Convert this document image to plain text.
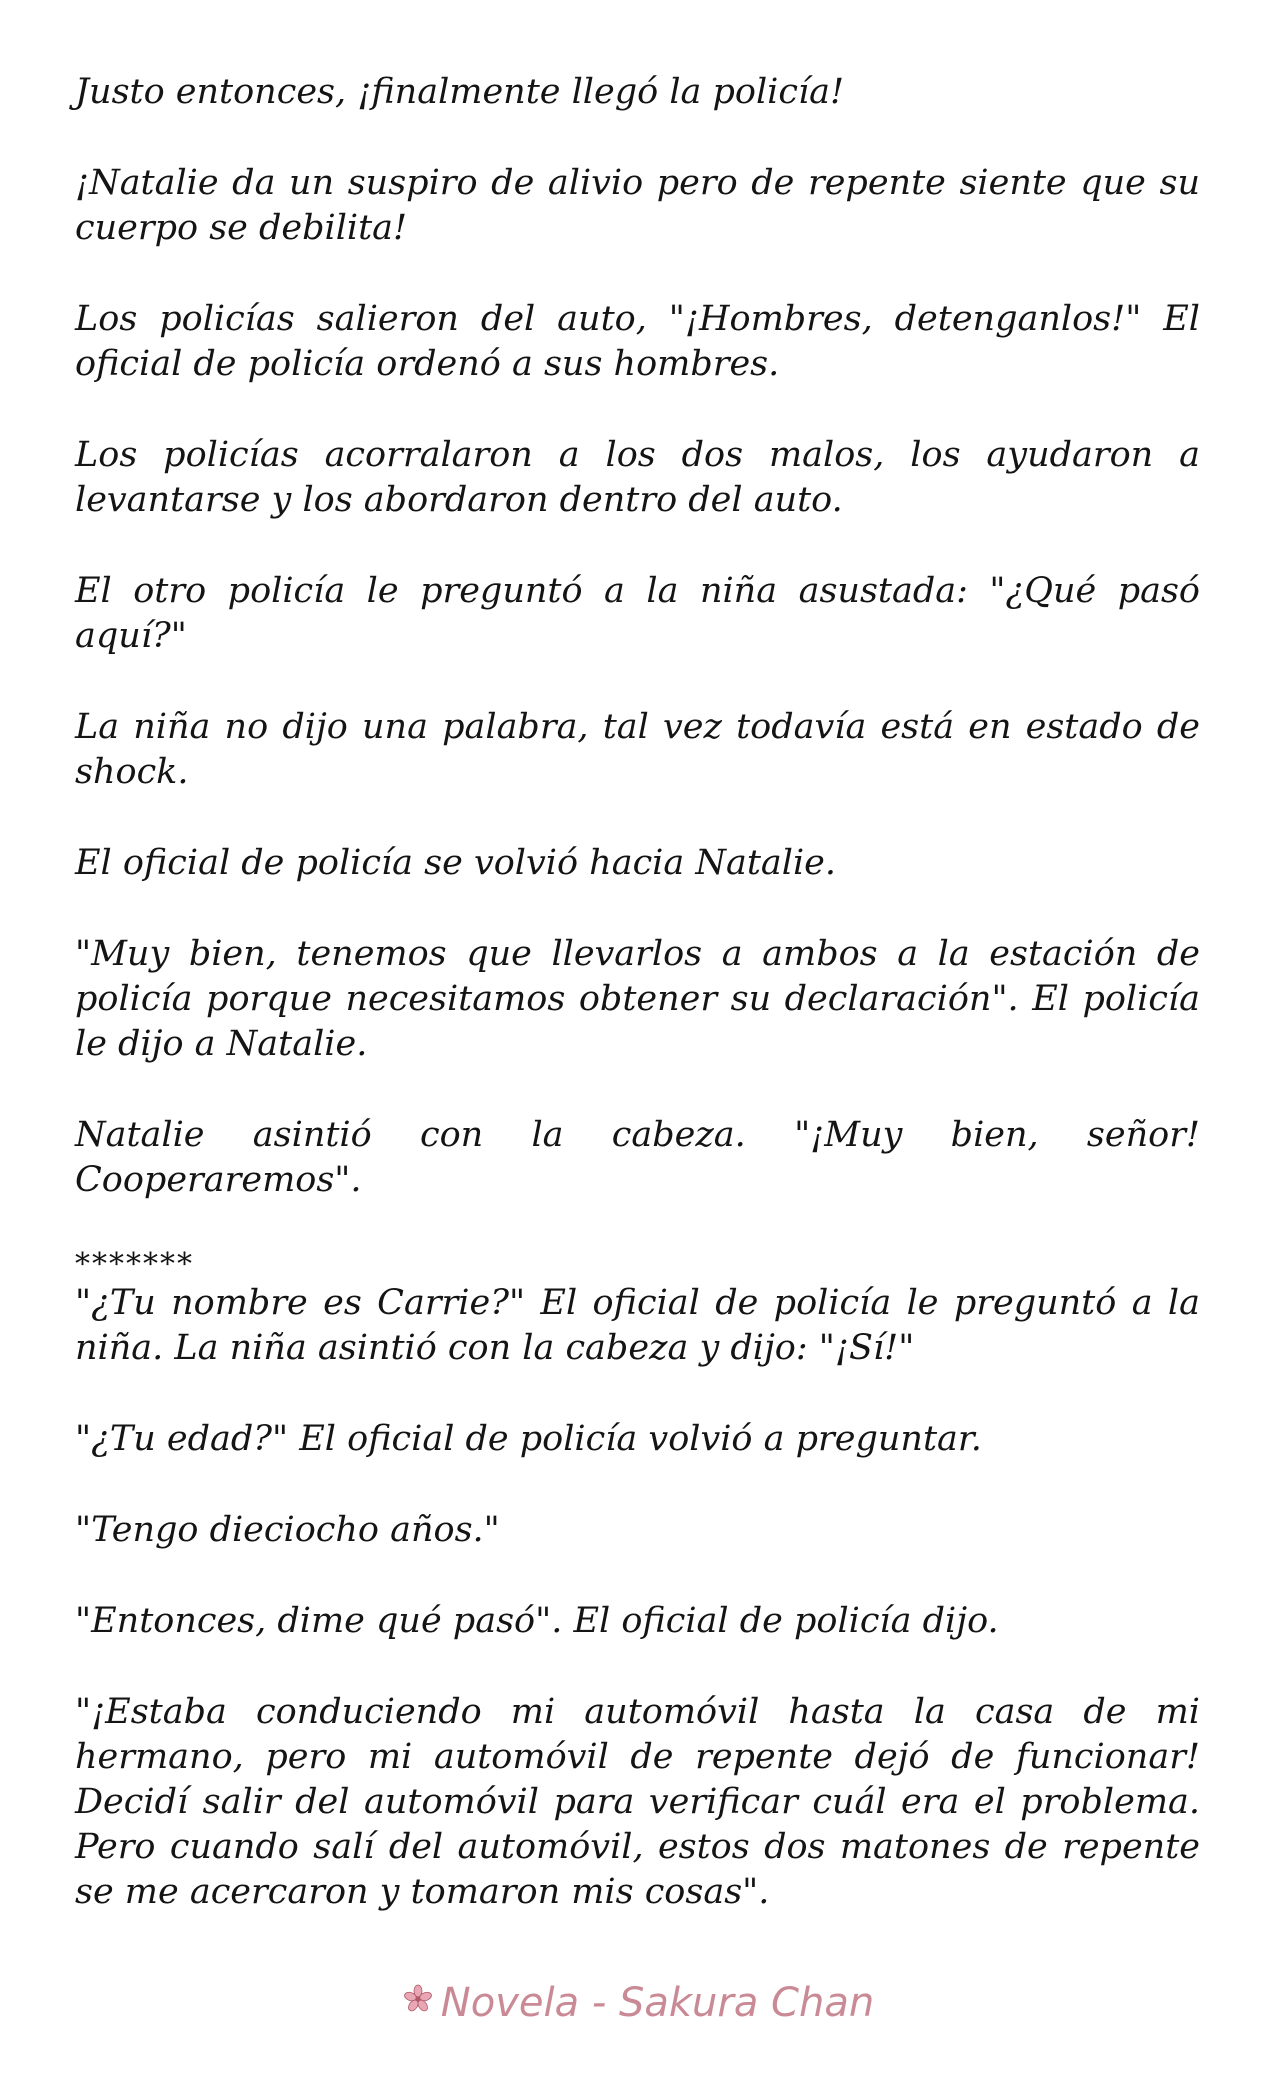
Justo entonces, ¡finalmente llegó la policía!

¡Natalie da un suspiro de alivio pero de repente siente que su cuerpo se debilita!

Los policías salieron del auto, "¡Hombres, detenganlos!" El oficial de policía ordenó a sus hombres.

Los policías acorralaron a los dos malos, los ayudaron a levantarse y los abordaron dentro del auto.

El otro policía le preguntó a la niña asustada: "¿Qué pasó aquí?"

La niña no dijo una palabra, tal vez todavía está en estado de shock.

El oficial de policía se volvió hacia Natalie.

"Muy bien, tenemos que llevarlos a ambos a la estación de policía porque necesitamos obtener su declaración". El policía le dijo a Natalie.

Natalie asintió con la cabeza. "¡Muy bien, señor! Cooperaremos".

*******

"¿Tu nombre es Carrie?" El oficial de policía le preguntó a la niña. La niña asintió con la cabeza y dijo: "¡Sí!"

"¿Tu edad?" El oficial de policía volvió a preguntar.

"Tengo dieciocho años."

"Entonces, dime qué pasó". El oficial de policía dijo.

"¡Estaba conduciendo mi automóvil hasta la casa de mi hermano, pero mi automóvil de repente dejó de funcionar! Decidí salir del automóvil para verificar cuál era el problema. Pero cuando salí del automóvil, estos dos matones de repente se me acercaron y tomaron mis cosas".

Novela - Sakura Chan
